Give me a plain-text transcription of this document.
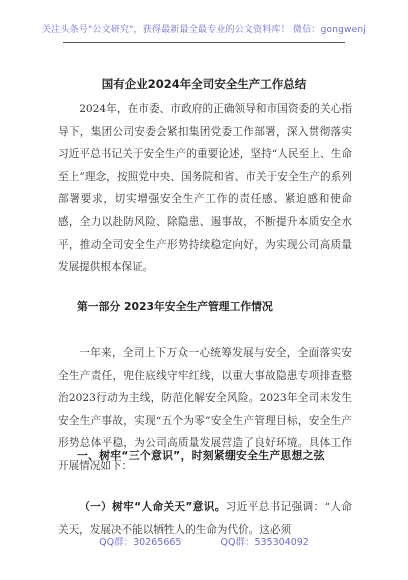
关注头条号"公文研究"，获得最新最全最专业的公文资料库！ 微信：gongwenj
国有企业2024年全司安全生产工作总结
2024年，在市委、市政府的正确领导和市国资委的关心指导下，集团公司安委会紧扣集团党委工作部署，深入贯彻落实习近平总书记关于安全生产的重要论述，坚持“人民至上、生命至上”理念，按照党中央、国务院和省、市关于安全生产的系列部署要求，切实增强安全生产工作的责任感、紧迫感和使命感，全力以赴防风险、除隐患、遏事故，不断提升本质安全水平，推动全司安全生产形势持续稳定向好，为实现公司高质量发展提供根本保证。
第一部分 2023年安全生产管理工作情况
一年来，全司上下万众一心统筹发展与安全，全面落实安全生产责任，兜住底线守牢红线，以重大事故隐患专项排查整治2023行动为主线，防范化解安全风险。2023年全司未发生安全生产事故，实现“五个为零”安全生产管理目标，安全生产形势总体平稳，为公司高质量发展营造了良好环境。具体工作开展情况如下：
一、树牢“三个意识”，时刻紧绷安全生产思想之弦
（一）树牢“人命关天”意识。习近平总书记强调：“人命关天，发展决不能以牺牲人的生命为代价。这必须
QQ群：30265665	QQ群：535304092
